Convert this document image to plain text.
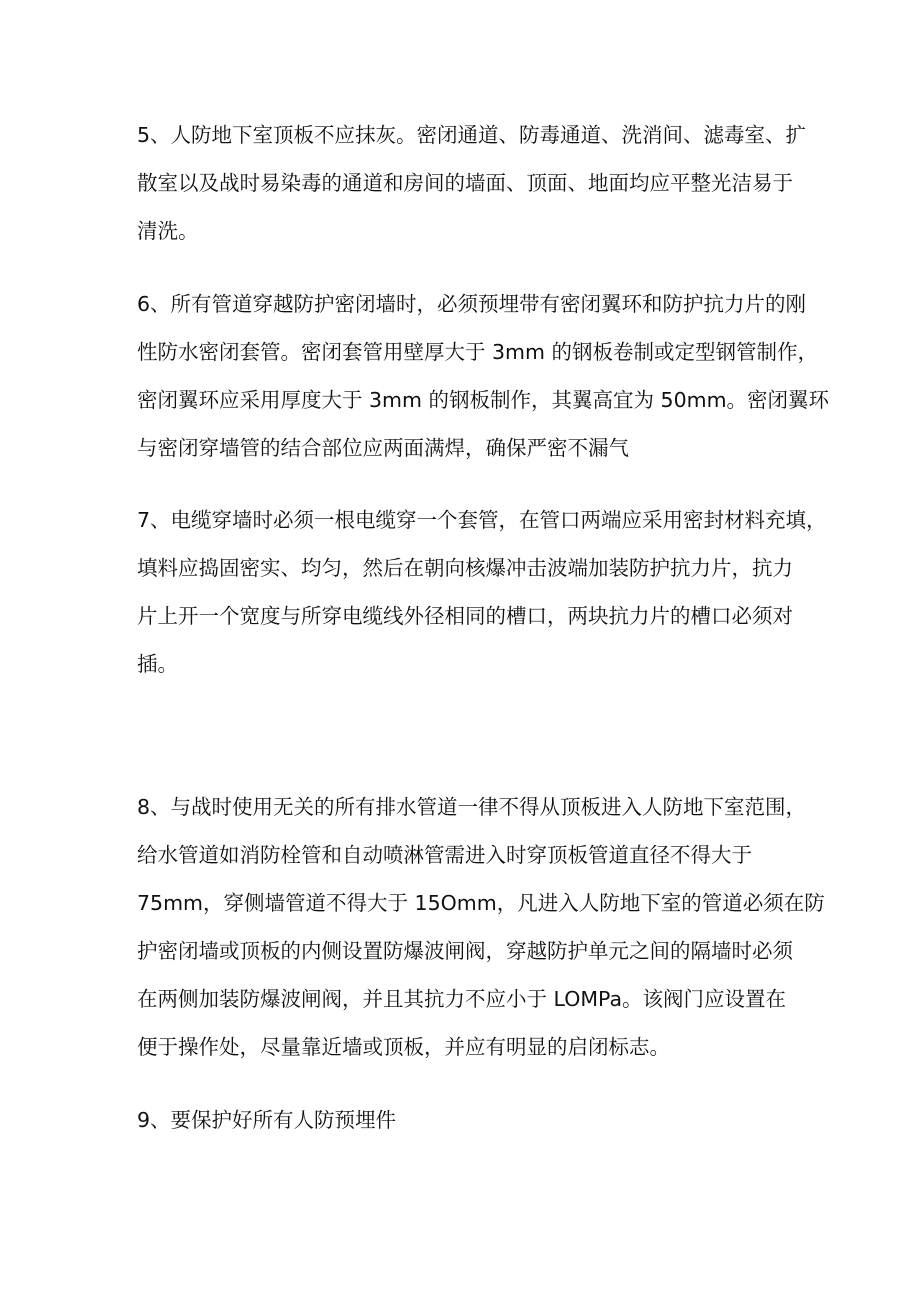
5、人防地下室顶板不应抹灰。密闭通道、防毒通道、洗消间、滤毒室、扩
散室以及战时易染毒的通道和房间的墙面、顶面、地面均应平整光洁易于
清洗。

6、所有管道穿越防护密闭墙时，必须预埋带有密闭翼环和防护抗力片的刚
性防水密闭套管。密闭套管用壁厚大于 3mm 的钢板卷制或定型钢管制作，
密闭翼环应采用厚度大于 3mm 的钢板制作，其翼高宜为 50mm。密闭翼环
与密闭穿墙管的结合部位应两面满焊，确保严密不漏气

7、电缆穿墙时必须一根电缆穿一个套管，在管口两端应采用密封材料充填，
填料应捣固密实、均匀，然后在朝向核爆冲击波端加装防护抗力片，抗力
片上开一个宽度与所穿电缆线外径相同的槽口，两块抗力片的槽口必须对
插。

8、与战时使用无关的所有排水管道一律不得从顶板进入人防地下室范围，
给水管道如消防栓管和自动喷淋管需进入时穿顶板管道直径不得大于
75mm，穿侧墙管道不得大于 15Omm，凡进入人防地下室的管道必须在防
护密闭墙或顶板的内侧设置防爆波闸阀，穿越防护单元之间的隔墙时必须
在两侧加装防爆波闸阀，并且其抗力不应小于 LOMPa。该阀门应设置在
便于操作处，尽量靠近墙或顶板，并应有明显的启闭标志。

9、要保护好所有人防预埋件
